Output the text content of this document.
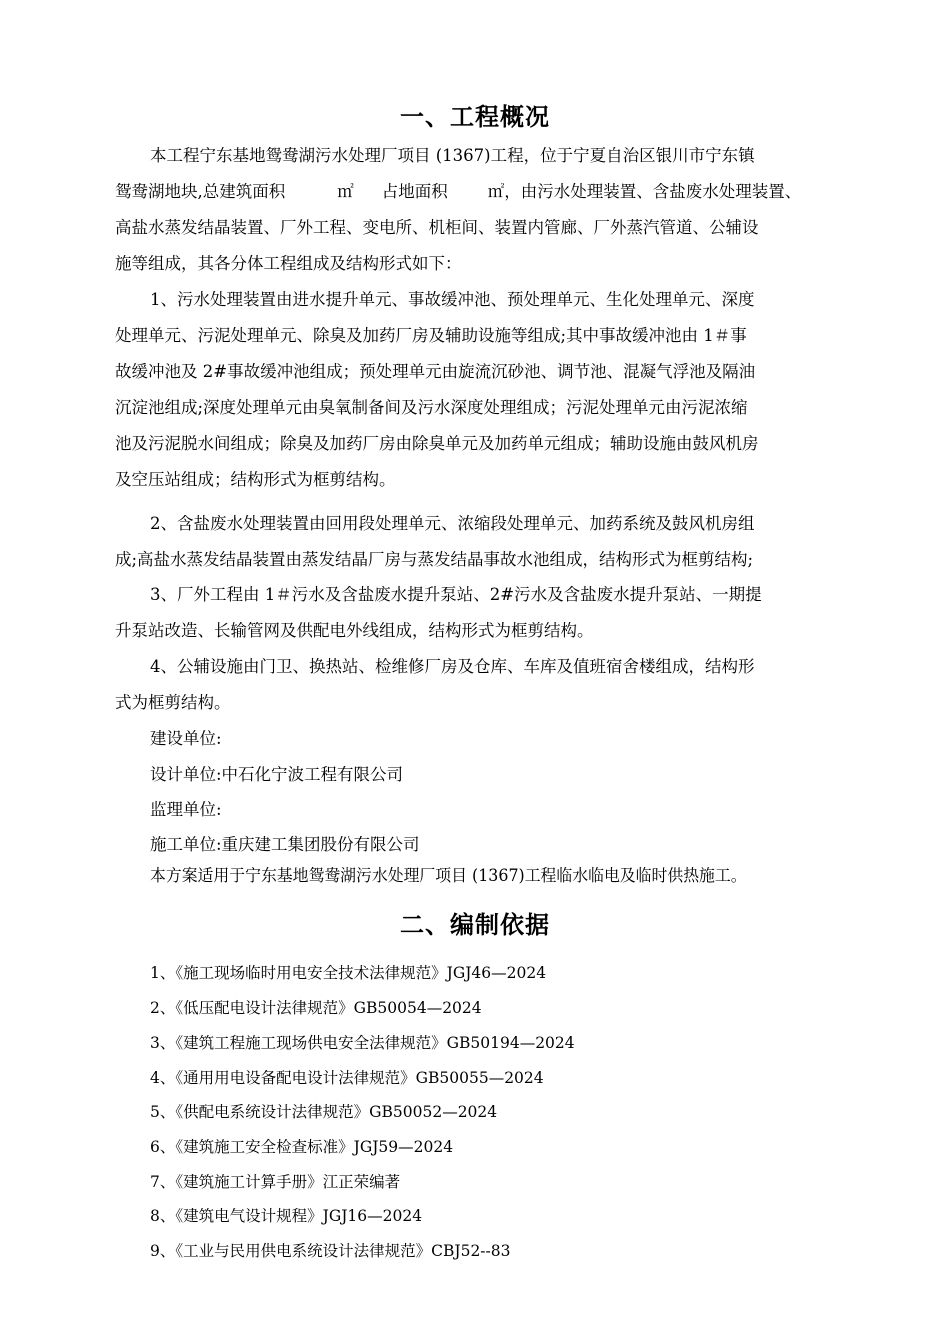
一、工程概况
本工程宁东基地鸳鸯湖污水处理厂项目 (1367)工程，位于宁夏自治区银川市宁东镇
鸳鸯湖地块,总建筑面积	㎡ 占地面积 ㎡，由污水处理装置、含盐废水处理装置、
高盐水蒸发结晶装置、厂外工程、变电所、机柜间、装置内管廊、厂外蒸汽管道、公辅设
施等组成，其各分体工程组成及结构形式如下：
1、污水处理装置由进水提升单元、事故缓冲池、预处理单元、生化处理单元、深度
处理单元、污泥处理单元、除臭及加药厂房及辅助设施等组成;其中事故缓冲池由 1＃事
故缓冲池及 2#事故缓冲池组成；预处理单元由旋流沉砂池、调节池、混凝气浮池及隔油
沉淀池组成;深度处理单元由臭氧制备间及污水深度处理组成；污泥处理单元由污泥浓缩
池及污泥脱水间组成；除臭及加药厂房由除臭单元及加药单元组成；辅助设施由鼓风机房
及空压站组成；结构形式为框剪结构。
2、含盐废水处理装置由回用段处理单元、浓缩段处理单元、加药系统及鼓风机房组
成;高盐水蒸发结晶装置由蒸发结晶厂房与蒸发结晶事故水池组成，结构形式为框剪结构;
3、厂外工程由 1＃污水及含盐废水提升泵站、2#污水及含盐废水提升泵站、一期提
升泵站改造、长输管网及供配电外线组成，结构形式为框剪结构。
4、公辅设施由门卫、换热站、检维修厂房及仓库、车库及值班宿舍楼组成，结构形
式为框剪结构。
建设单位:
设计单位:中石化宁波工程有限公司
监理单位:
施工单位:重庆建工集团股份有限公司
本方案适用于宁东基地鸳鸯湖污水处理厂项目 (1367)工程临水临电及临时供热施工。
二、编制依据
1、《施工现场临时用电安全技术法律规范》JGJ46—2024
2、《低压配电设计法律规范》GB50054—2024
3、《建筑工程施工现场供电安全法律规范》GB50194—2024
4、《通用用电设备配电设计法律规范》GB50055—2024
5、《供配电系统设计法律规范》GB50052—2024
6、《建筑施工安全检查标准》JGJ59—2024
7、《建筑施工计算手册》江正荣编著
8、《建筑电气设计规程》JGJ16—2024
9、《工业与民用供电系统设计法律规范》CBJ52--83
